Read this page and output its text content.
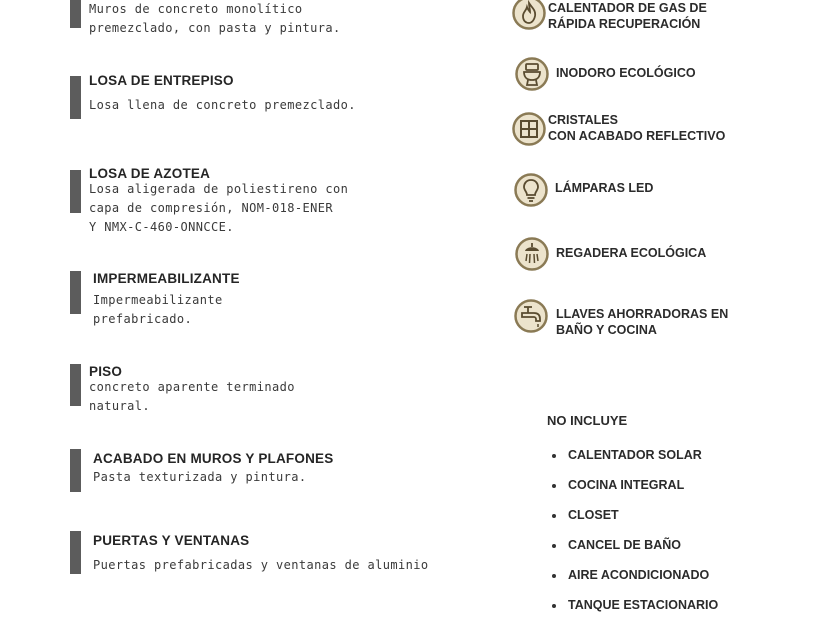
Muros de concreto monolítico
premezclado, con pasta y pintura.
LOSA DE ENTREPISO
Losa llena de concreto premezclado.
LOSA DE AZOTEA
Losa aligerada de poliestireno con
capa de compresión, NOM-018-ENER
Y NMX-C-460-ONNCCE.
IMPERMEABILIZANTE
Impermeabilizante
prefabricado.
PISO
concreto aparente terminado
natural.
ACABADO EN MUROS Y PLAFONES
Pasta texturizada y pintura.
PUERTAS Y VENTANAS
Puertas prefabricadas y ventanas de aluminio
CALENTADOR DE GAS DE
RÁPIDA RECUPERACIÓN
INODORO ECOLÓGICO
CRISTALES
CON ACABADO REFLECTIVO
LÁMPARAS LED
REGADERA ECOLÓGICA
LLAVES AHORRADORAS EN
BAÑO Y COCINA
NO INCLUYE
CALENTADOR SOLAR
COCINA INTEGRAL
CLOSET
CANCEL DE BAÑO
AIRE ACONDICIONADO
TANQUE ESTACIONARIO
